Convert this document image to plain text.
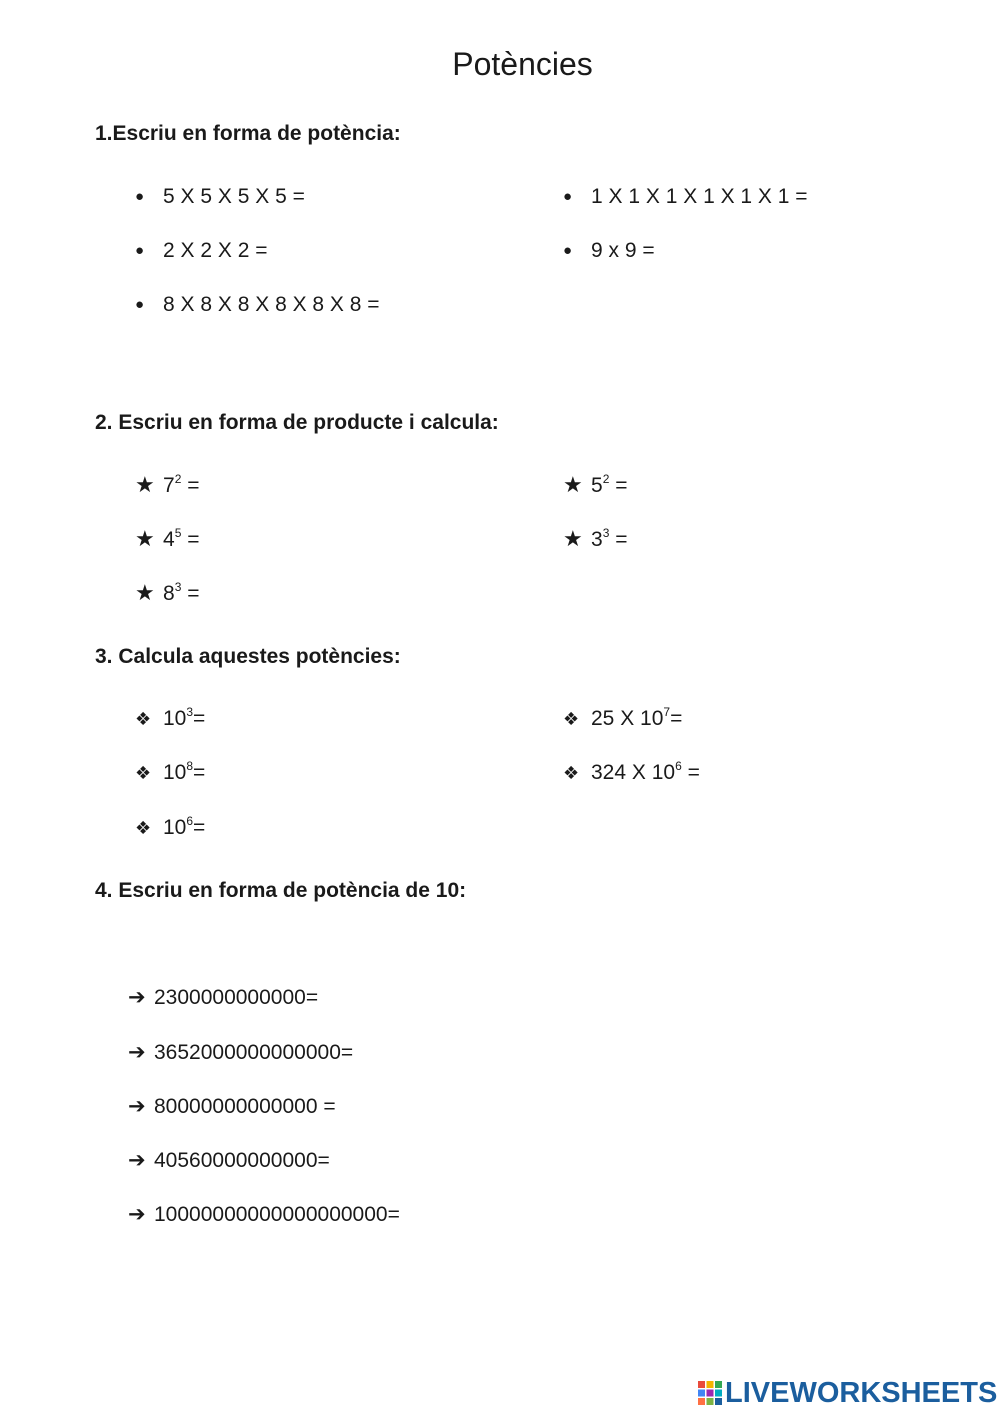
Potències
1.Escriu en forma de potència:
● 5 X 5 X 5 X 5 =	● 1 X 1 X 1 X 1 X 1 X 1 =
● 2 X 2 X 2 =	● 9 x 9 =
● 8 X 8 X 8 X 8 X 8 X 8 =
2. Escriu en forma de producte i calcula:
★ $7^2$ =	★ $5^2$ =
★ $4^5$ =	★ $3^3$ =
★ $8^3$ =
3. Calcula aquestes potències:
❖ $10^3=$	❖ 25 X $10^7=$
❖ $10^8=$	❖ 324 X $10^6$ =
❖ $10^6=$
4. Escriu en forma de potència de 10:
➔ 2300000000000=
➔ 3652000000000000=
➔ 80000000000000 =
➔ 40560000000000=
➔ 10000000000000000000=
LIVEWORKSHEETS
